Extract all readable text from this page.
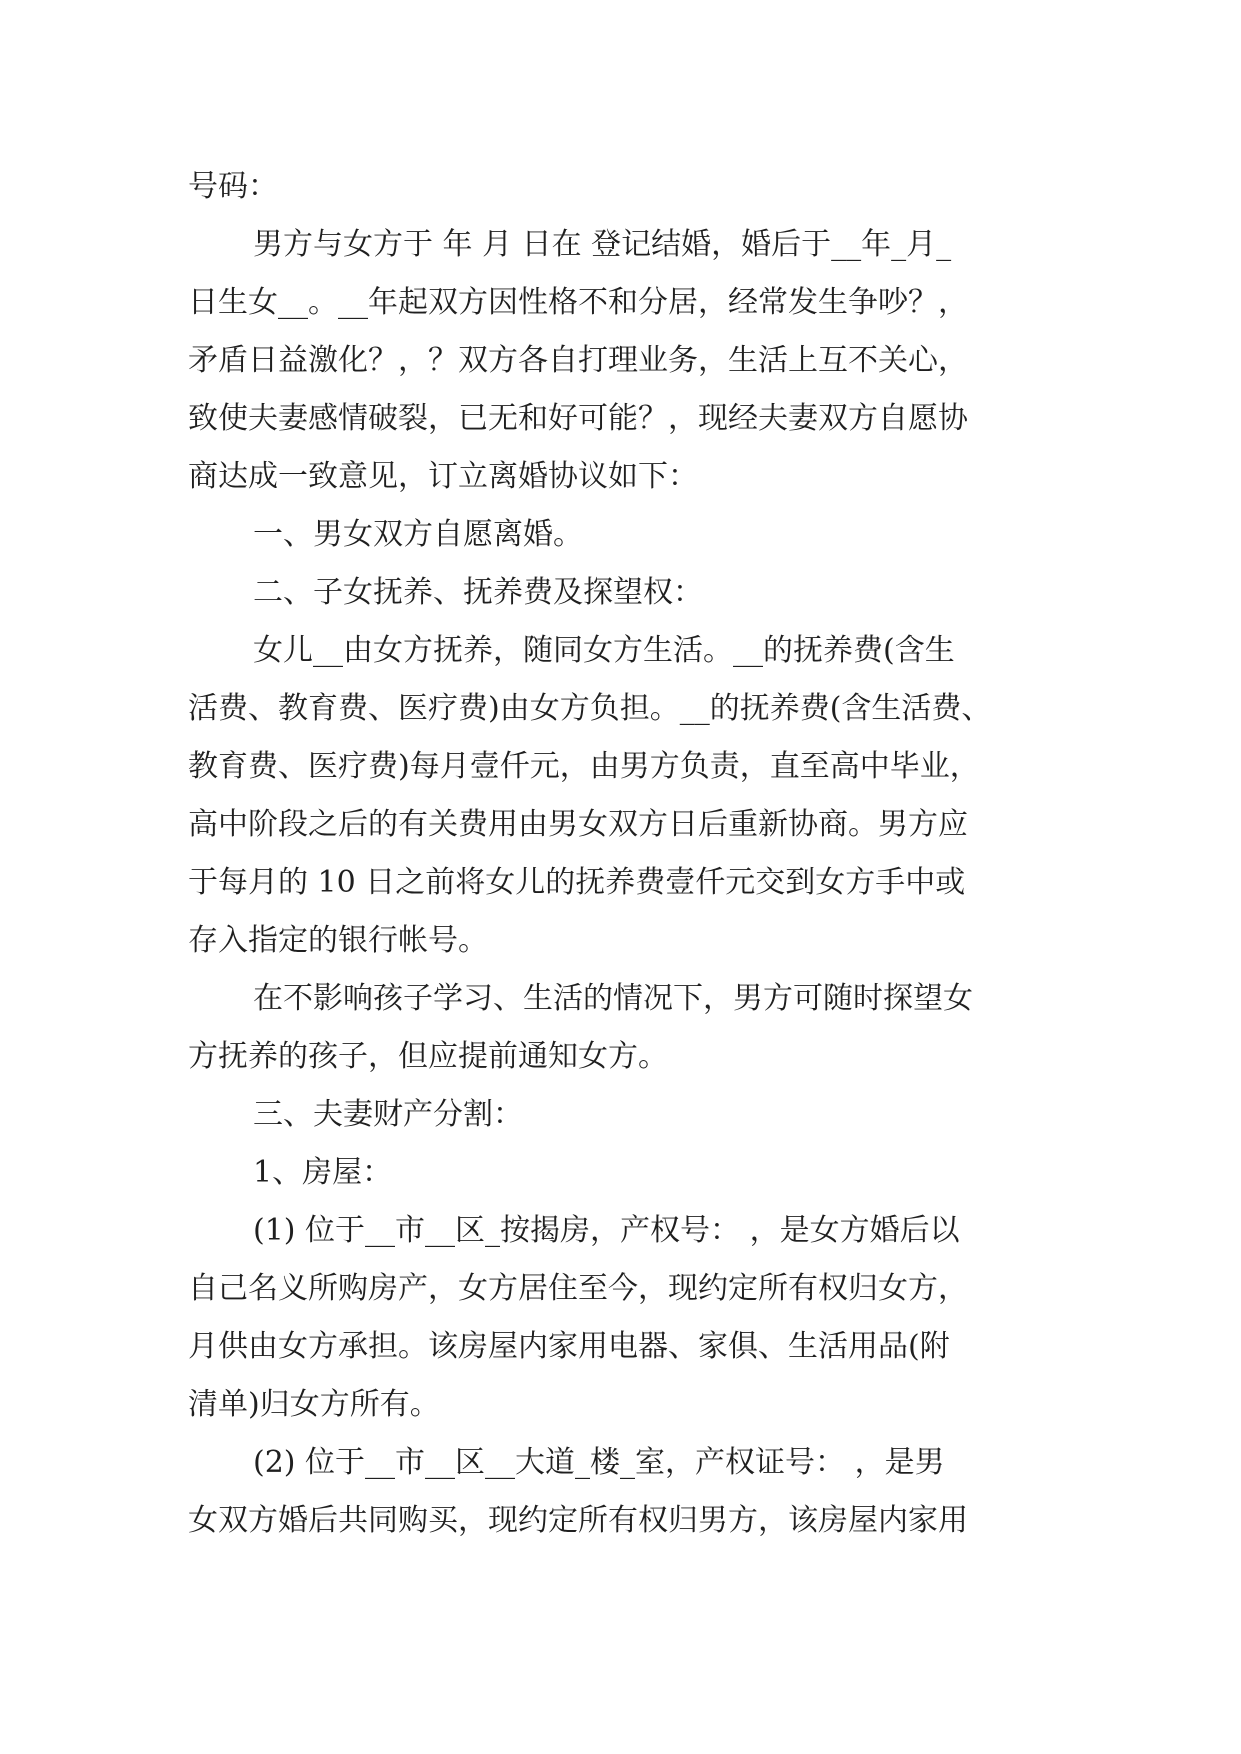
号码：
男方与女方于 年 月 日在 登记结婚，婚后于__年_月_
日生女__。__年起双方因性格不和分居，经常发生争吵？，
矛盾日益激化？，？双方各自打理业务，生活上互不关心，
致使夫妻感情破裂，已无和好可能？，现经夫妻双方自愿协
商达成一致意见，订立离婚协议如下：
一、男女双方自愿离婚。
二、子女抚养、抚养费及探望权：
女儿__由女方抚养，随同女方生活。__的抚养费(含生
活费、教育费、医疗费)由女方负担。__的抚养费(含生活费、
教育费、医疗费)每月壹仟元，由男方负责，直至高中毕业，
高中阶段之后的有关费用由男女双方日后重新协商。男方应
于每月的 10 日之前将女儿的抚养费壹仟元交到女方手中或
存入指定的银行帐号。
在不影响孩子学习、生活的情况下，男方可随时探望女
方抚养的孩子，但应提前通知女方。
三、夫妻财产分割：
1、房屋：
(1) 位于__市__区_按揭房，产权号： ，是女方婚后以
自己名义所购房产，女方居住至今，现约定所有权归女方，
月供由女方承担。该房屋内家用电器、家俱、生活用品(附
清单)归女方所有。
(2) 位于__市__区__大道_楼_室，产权证号： ，是男
女双方婚后共同购买，现约定所有权归男方，该房屋内家用
